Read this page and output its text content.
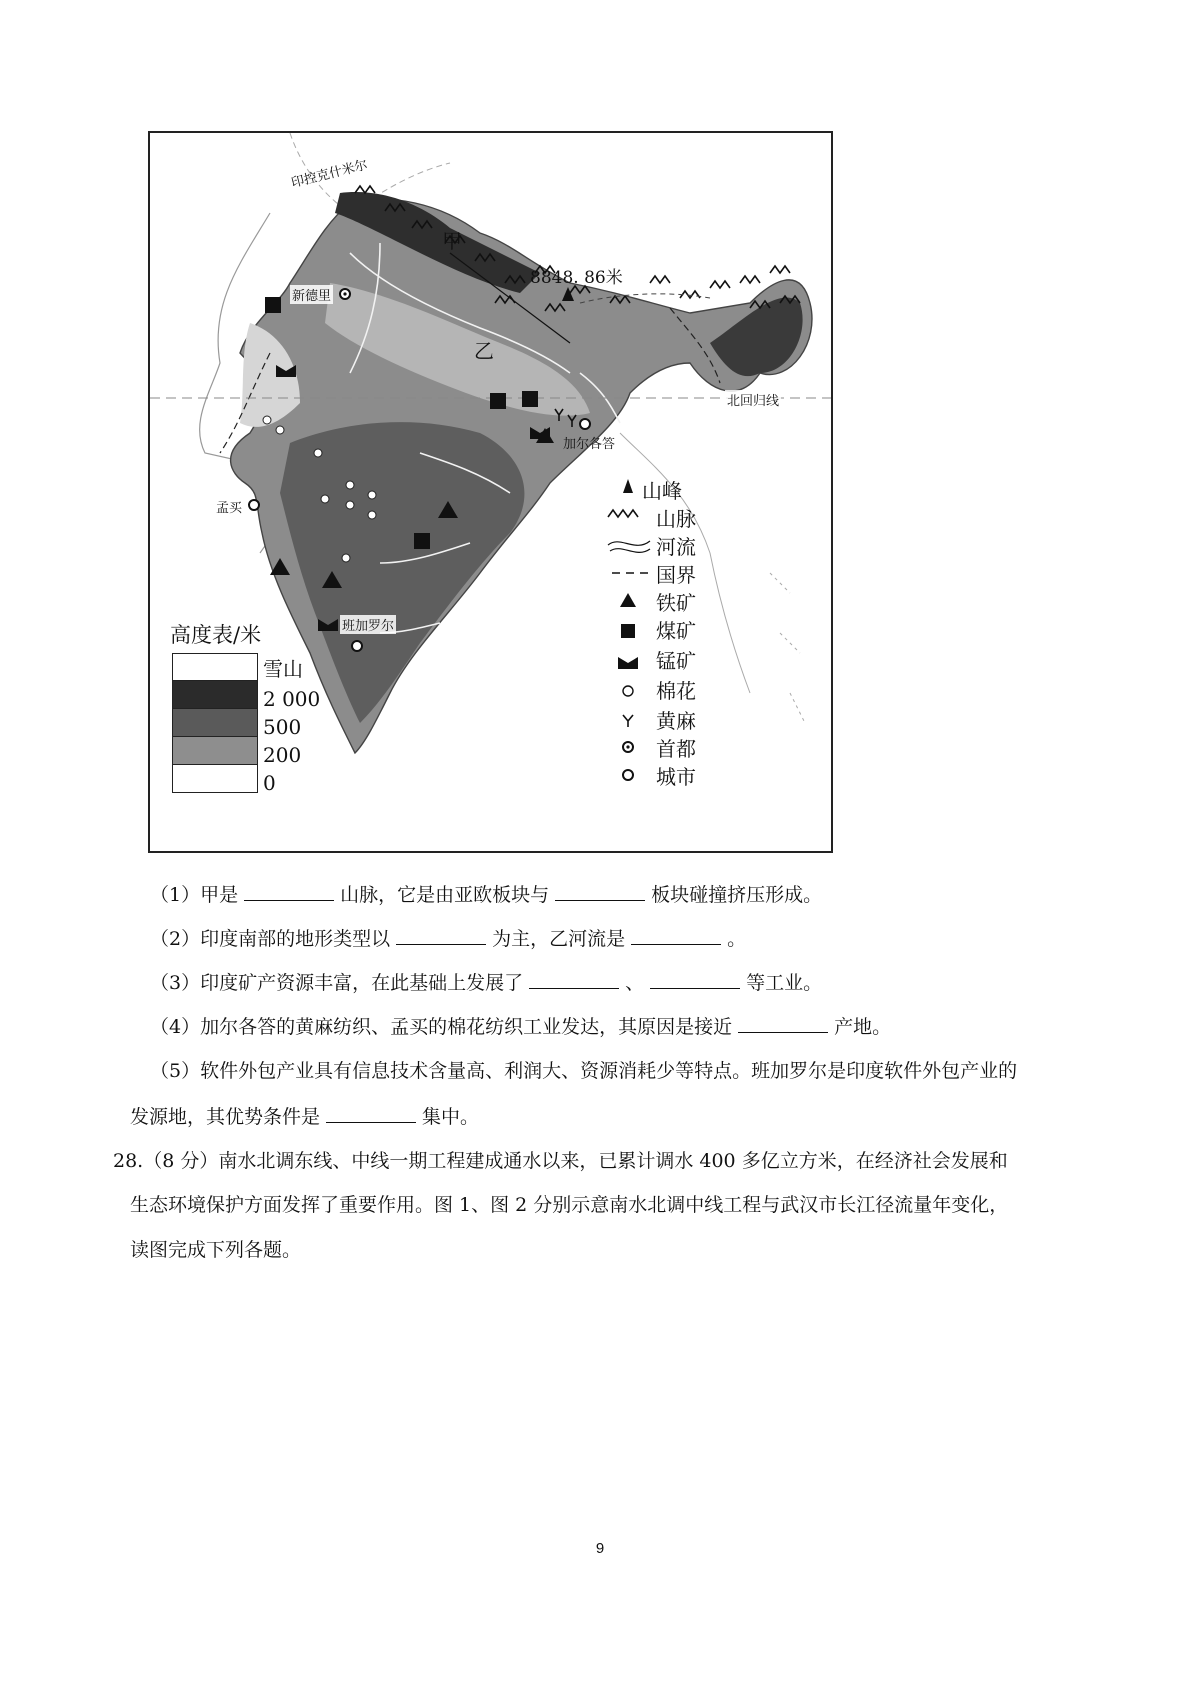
甲
乙
8848. 86米
印控克什米尔
北回归线
新德里
孟买
加尔各答
班加罗尔
山峰
山脉
河流
国界
铁矿
煤矿
锰矿
棉花
黄麻
首都
城市
高度表/米
雪山
2 000
500
200
0
（1）甲是	山脉，它是由亚欧板块与	板块碰撞挤压形成。
（2）印度南部的地形类型以	为主，乙河流是	。
（3）印度矿产资源丰富，在此基础上发展了	、	等工业。
（4）加尔各答的黄麻纺织、孟买的棉花纺织工业发达，其原因是接近	产地。
（5）软件外包产业具有信息技术含量高、利润大、资源消耗少等特点。班加罗尔是印度软件外包产业的
发源地，其优势条件是	集中。
28.（8 分）南水北调东线、中线一期工程建成通水以来，已累计调水 400 多亿立方米，在经济社会发展和
生态环境保护方面发挥了重要作用。图 1、图 2 分别示意南水北调中线工程与武汉市长江径流量年变化，
读图完成下列各题。
9
